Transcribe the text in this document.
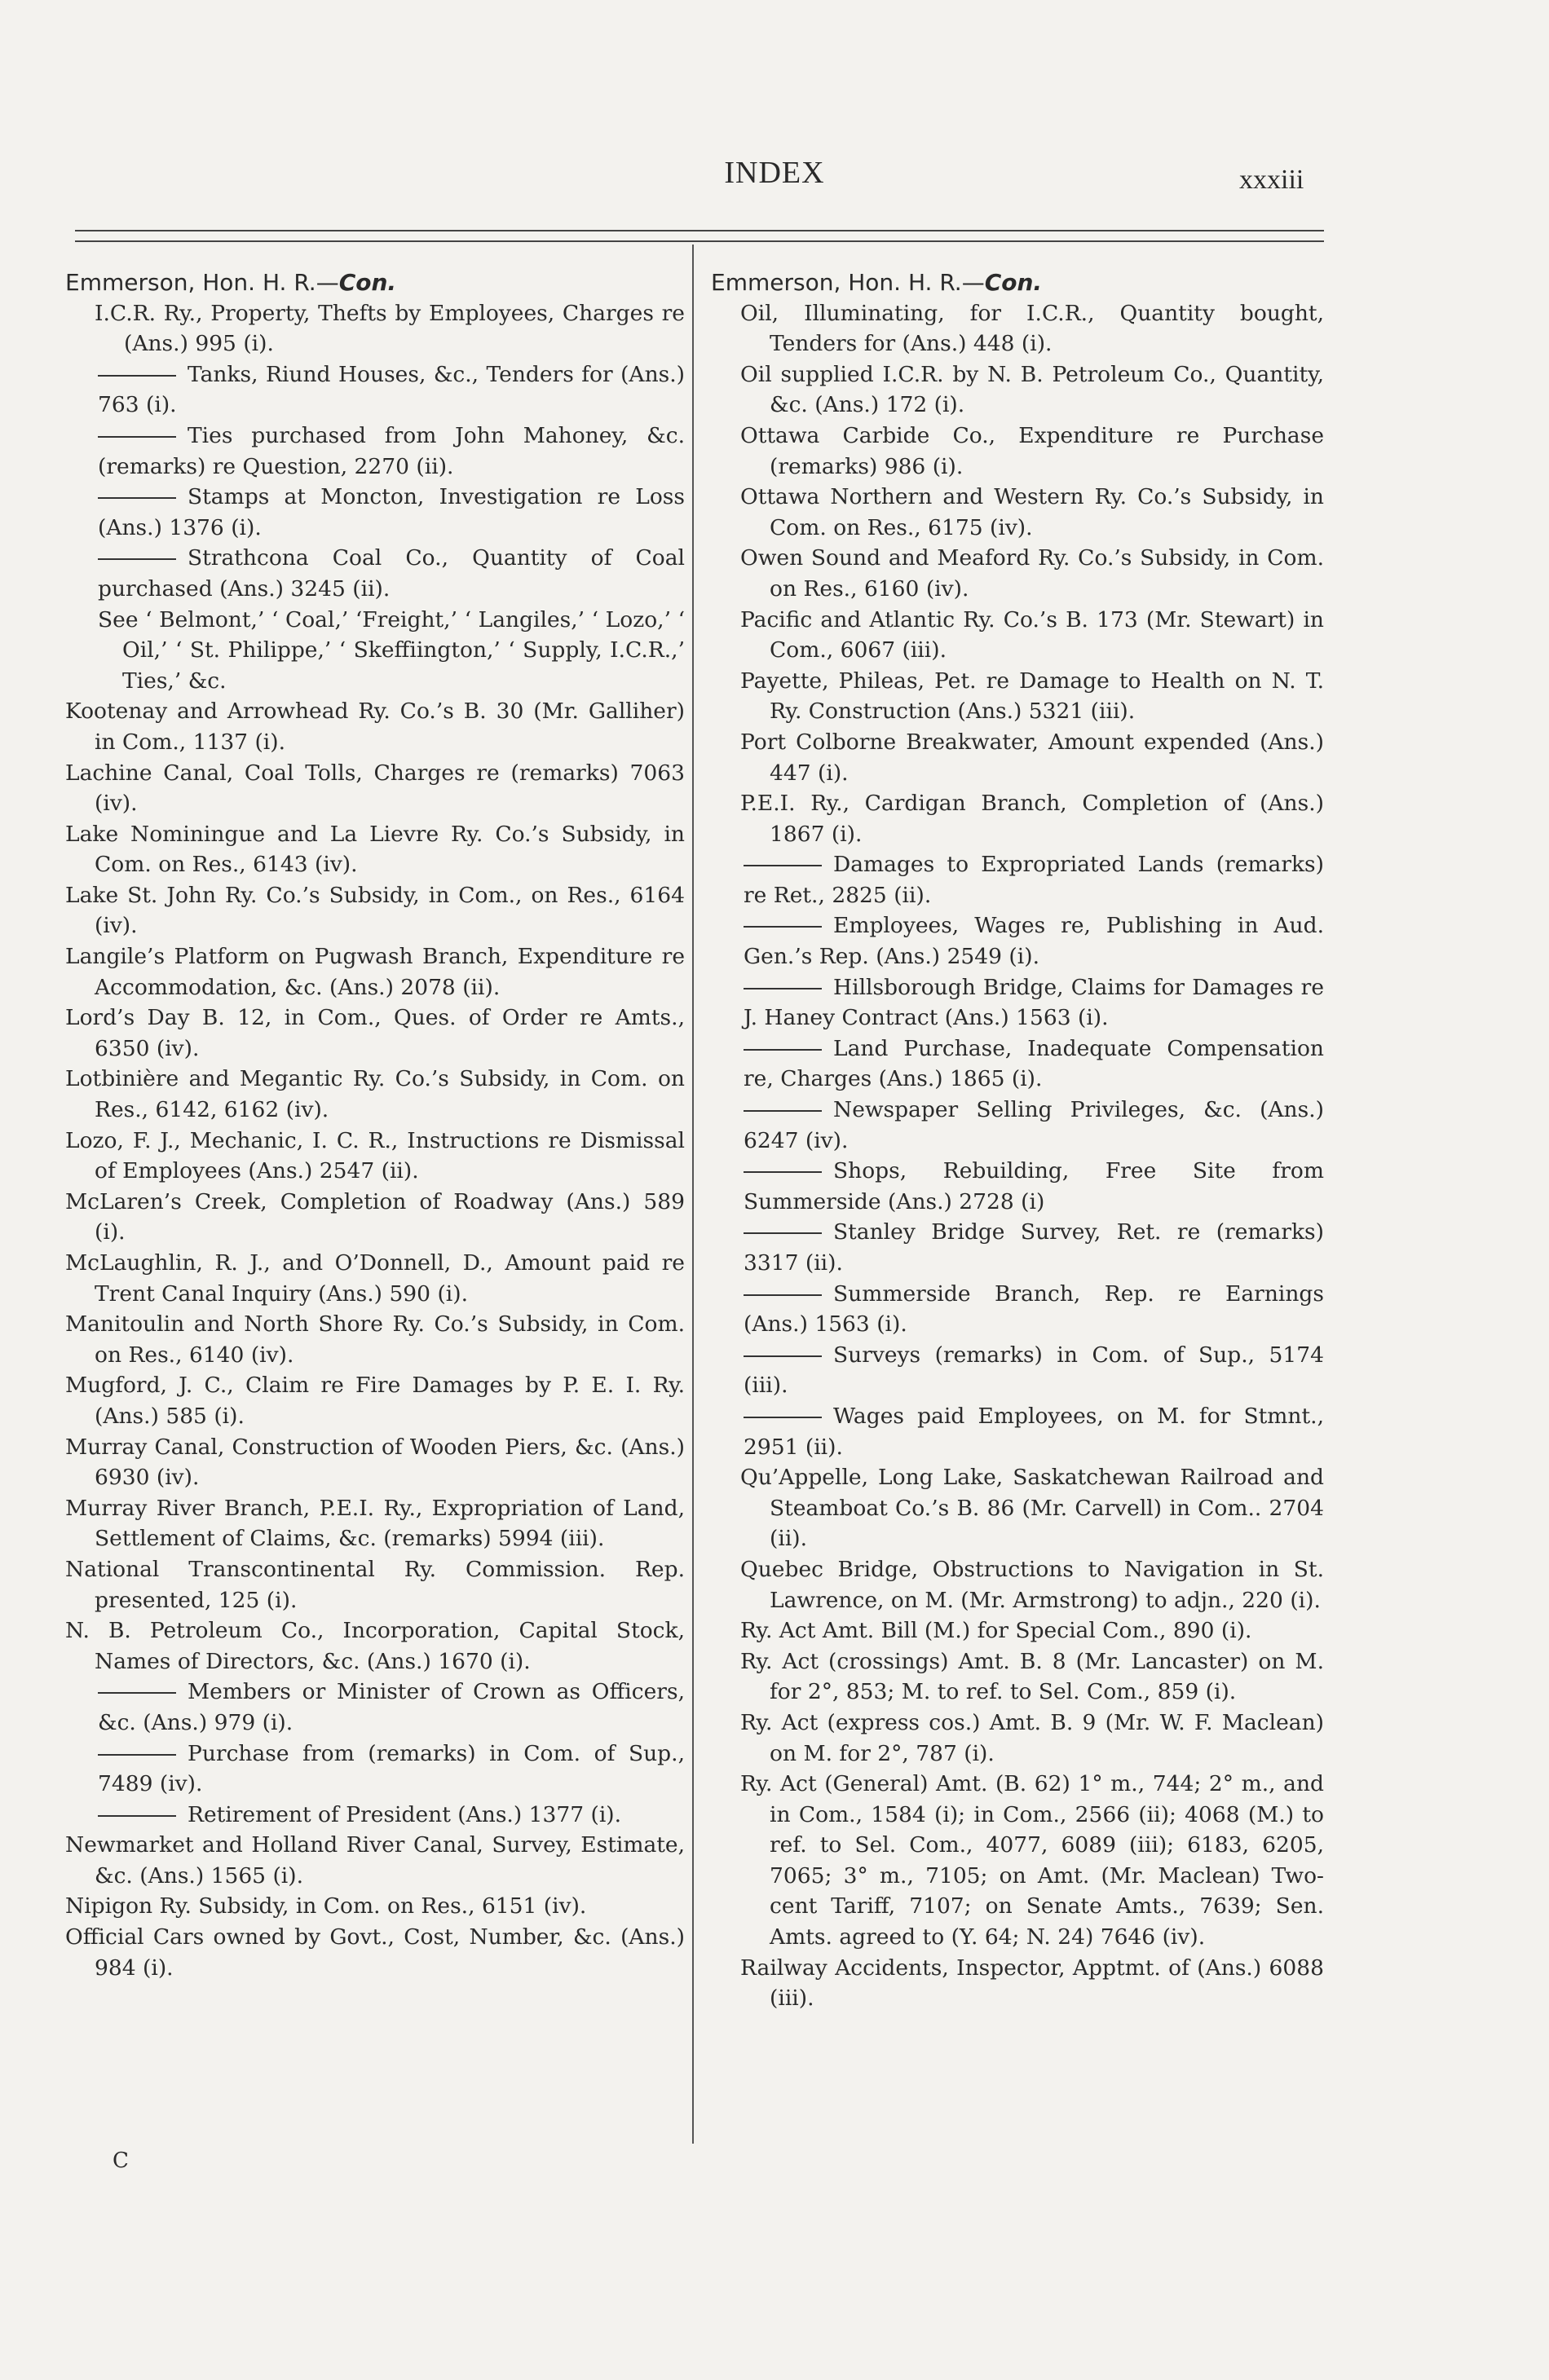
INDEX	xxxiii
Emmerson, Hon. H. R.—Con.
I.C.R. Ry., Property, Thefts by Employees, Charges re (Ans.) 995 (i).
Tanks, Riund Houses, &c., Tenders for (Ans.) 763 (i).
Ties purchased from John Mahoney, &c. (remarks) re Question, 2270 (ii).
Stamps at Moncton, Investigation re Loss (Ans.) 1376 (i).
Strathcona Coal Co., Quantity of Coal purchased (Ans.) 3245 (ii).
See ‘ Belmont,’ ‘ Coal,’ ‘Freight,’ ‘ Langiles,’ ‘ Lozo,’ ‘ Oil,’ ‘ St. Philippe,’ ‘ Skeffiington,’ ‘ Supply, I.C.R.,’ Ties,’ &c.
Kootenay and Arrowhead Ry. Co.’s B. 30 (Mr. Galliher) in Com., 1137 (i).
Lachine Canal, Coal Tolls, Charges re (remarks) 7063 (iv).
Lake Nominingue and La Lievre Ry. Co.’s Subsidy, in Com. on Res., 6143 (iv).
Lake St. John Ry. Co.’s Subsidy, in Com., on Res., 6164 (iv).
Langile’s Platform on Pugwash Branch, Expenditure re Accommodation, &c. (Ans.) 2078 (ii).
Lord’s Day B. 12, in Com., Ques. of Order re Amts., 6350 (iv).
Lotbinière and Megantic Ry. Co.’s Subsidy, in Com. on Res., 6142, 6162 (iv).
Lozo, F. J., Mechanic, I. C. R., Instructions re Dismissal of Employees (Ans.) 2547 (ii).
McLaren’s Creek, Completion of Roadway (Ans.) 589 (i).
McLaughlin, R. J., and O’Donnell, D., Amount paid re Trent Canal Inquiry (Ans.) 590 (i).
Manitoulin and North Shore Ry. Co.’s Subsidy, in Com. on Res., 6140 (iv).
Mugford, J. C., Claim re Fire Damages by P. E. I. Ry. (Ans.) 585 (i).
Murray Canal, Construction of Wooden Piers, &c. (Ans.) 6930 (iv).
Murray River Branch, P.E.I. Ry., Expropriation of Land, Settlement of Claims, &c. (remarks) 5994 (iii).
National Transcontinental Ry. Commission. Rep. presented, 125 (i).
N. B. Petroleum Co., Incorporation, Capital Stock, Names of Directors, &c. (Ans.) 1670 (i).
Members or Minister of Crown as Officers, &c. (Ans.) 979 (i).
Purchase from (remarks) in Com. of Sup., 7489 (iv).
Retirement of President (Ans.) 1377 (i).
Newmarket and Holland River Canal, Survey, Estimate, &c. (Ans.) 1565 (i).
Nipigon Ry. Subsidy, in Com. on Res., 6151 (iv).
Official Cars owned by Govt., Cost, Number, &c. (Ans.) 984 (i).
Emmerson, Hon. H. R.—Con.
Oil, Illuminating, for I.C.R., Quantity bought, Tenders for (Ans.) 448 (i).
Oil supplied I.C.R. by N. B. Petroleum Co., Quantity, &c. (Ans.) 172 (i).
Ottawa Carbide Co., Expenditure re Purchase (remarks) 986 (i).
Ottawa Northern and Western Ry. Co.’s Subsidy, in Com. on Res., 6175 (iv).
Owen Sound and Meaford Ry. Co.’s Subsidy, in Com. on Res., 6160 (iv).
Pacific and Atlantic Ry. Co.’s B. 173 (Mr. Stewart) in Com., 6067 (iii).
Payette, Phileas, Pet. re Damage to Health on N. T. Ry. Construction (Ans.) 5321 (iii).
Port Colborne Breakwater, Amount expended (Ans.) 447 (i).
P.E.I. Ry., Cardigan Branch, Completion of (Ans.) 1867 (i).
Damages to Expropriated Lands (remarks) re Ret., 2825 (ii).
Employees, Wages re, Publishing in Aud. Gen.’s Rep. (Ans.) 2549 (i).
Hillsborough Bridge, Claims for Damages re J. Haney Contract (Ans.) 1563 (i).
Land Purchase, Inadequate Compensation re, Charges (Ans.) 1865 (i).
Newspaper Selling Privileges, &c. (Ans.) 6247 (iv).
Shops, Rebuilding, Free Site from Summerside (Ans.) 2728 (i)
Stanley Bridge Survey, Ret. re (remarks) 3317 (ii).
Summerside Branch, Rep. re Earnings (Ans.) 1563 (i).
Surveys (remarks) in Com. of Sup., 5174 (iii).
Wages paid Employees, on M. for Stmnt., 2951 (ii).
Qu’Appelle, Long Lake, Saskatchewan Railroad and Steamboat Co.’s B. 86 (Mr. Carvell) in Com.. 2704 (ii).
Quebec Bridge, Obstructions to Navigation in St. Lawrence, on M. (Mr. Armstrong) to adjn., 220 (i).
Ry. Act Amt. Bill (M.) for Special Com., 890 (i).
Ry. Act (crossings) Amt. B. 8 (Mr. Lancaster) on M. for 2°, 853; M. to ref. to Sel. Com., 859 (i).
Ry. Act (express cos.) Amt. B. 9 (Mr. W. F. Maclean) on M. for 2°, 787 (i).
Ry. Act (General) Amt. (B. 62) 1° m., 744; 2° m., and in Com., 1584 (i); in Com., 2566 (ii); 4068 (M.) to ref. to Sel. Com., 4077, 6089 (iii); 6183, 6205, 7065; 3° m., 7105; on Amt. (Mr. Maclean) Two-cent Tariff, 7107; on Senate Amts., 7639; Sen. Amts. agreed to (Y. 64; N. 24) 7646 (iv).
Railway Accidents, Inspector, Apptmt. of (Ans.) 6088 (iii).
C
